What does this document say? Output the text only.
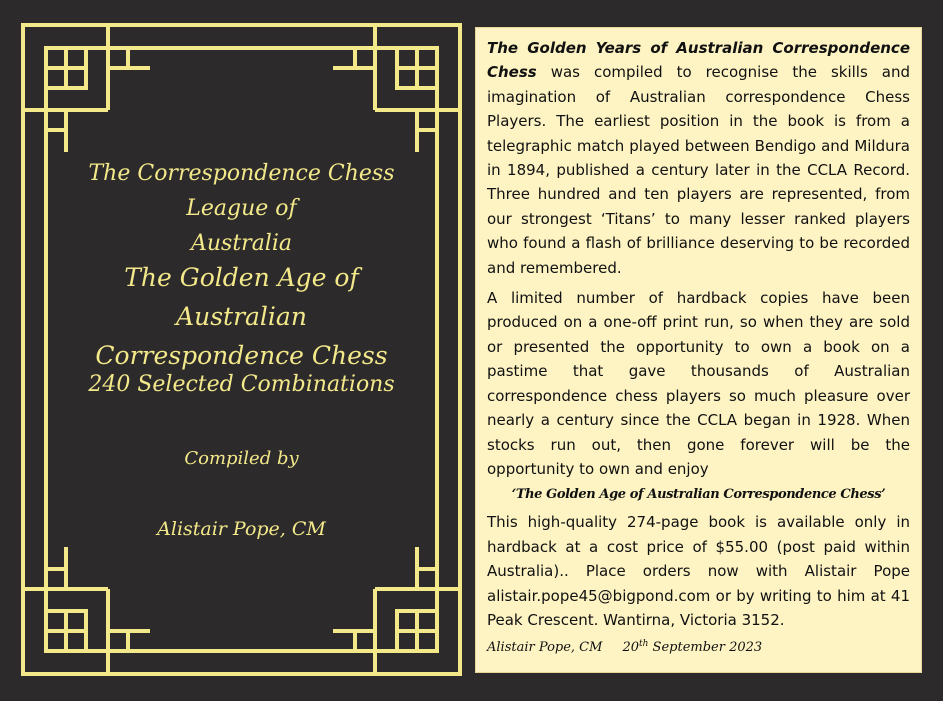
The Correspondence Chess League of
Australia

The Golden Age of Australian
Correspondence Chess

240 Selected Combinations

Compiled by

Alistair Pope, CM

The Golden Years of Australian Correspondence Chess was compiled to recognise the skills and imagination of Australian correspondence Chess Players. The earliest position in the book is from a telegraphic match played between Bendigo and Mildura in 1894, published a century later in the CCLA Record. Three hundred and ten players are represented, from our strongest ‘Titans’ to many lesser ranked players who found a flash of brilliance deserving to be recorded and remembered.

A limited number of hardback copies have been produced on a one-off print run, so when they are sold or presented the opportunity to own a book on a pastime that gave thousands of Australian correspondence chess players so much pleasure over nearly a century since the CCLA began in 1928. When stocks run out, then gone forever will be the opportunity to own and enjoy

‘The Golden Age of Australian Correspondence Chess’

This high-quality 274-page book is available only in hardback at a cost price of $55.00 (post paid within Australia).. Place orders now with Alistair Pope alistair.pope45@bigpond.com or by writing to him at 41 Peak Crescent. Wantirna, Victoria 3152.

Alistair Pope, CM 20th September 2023
